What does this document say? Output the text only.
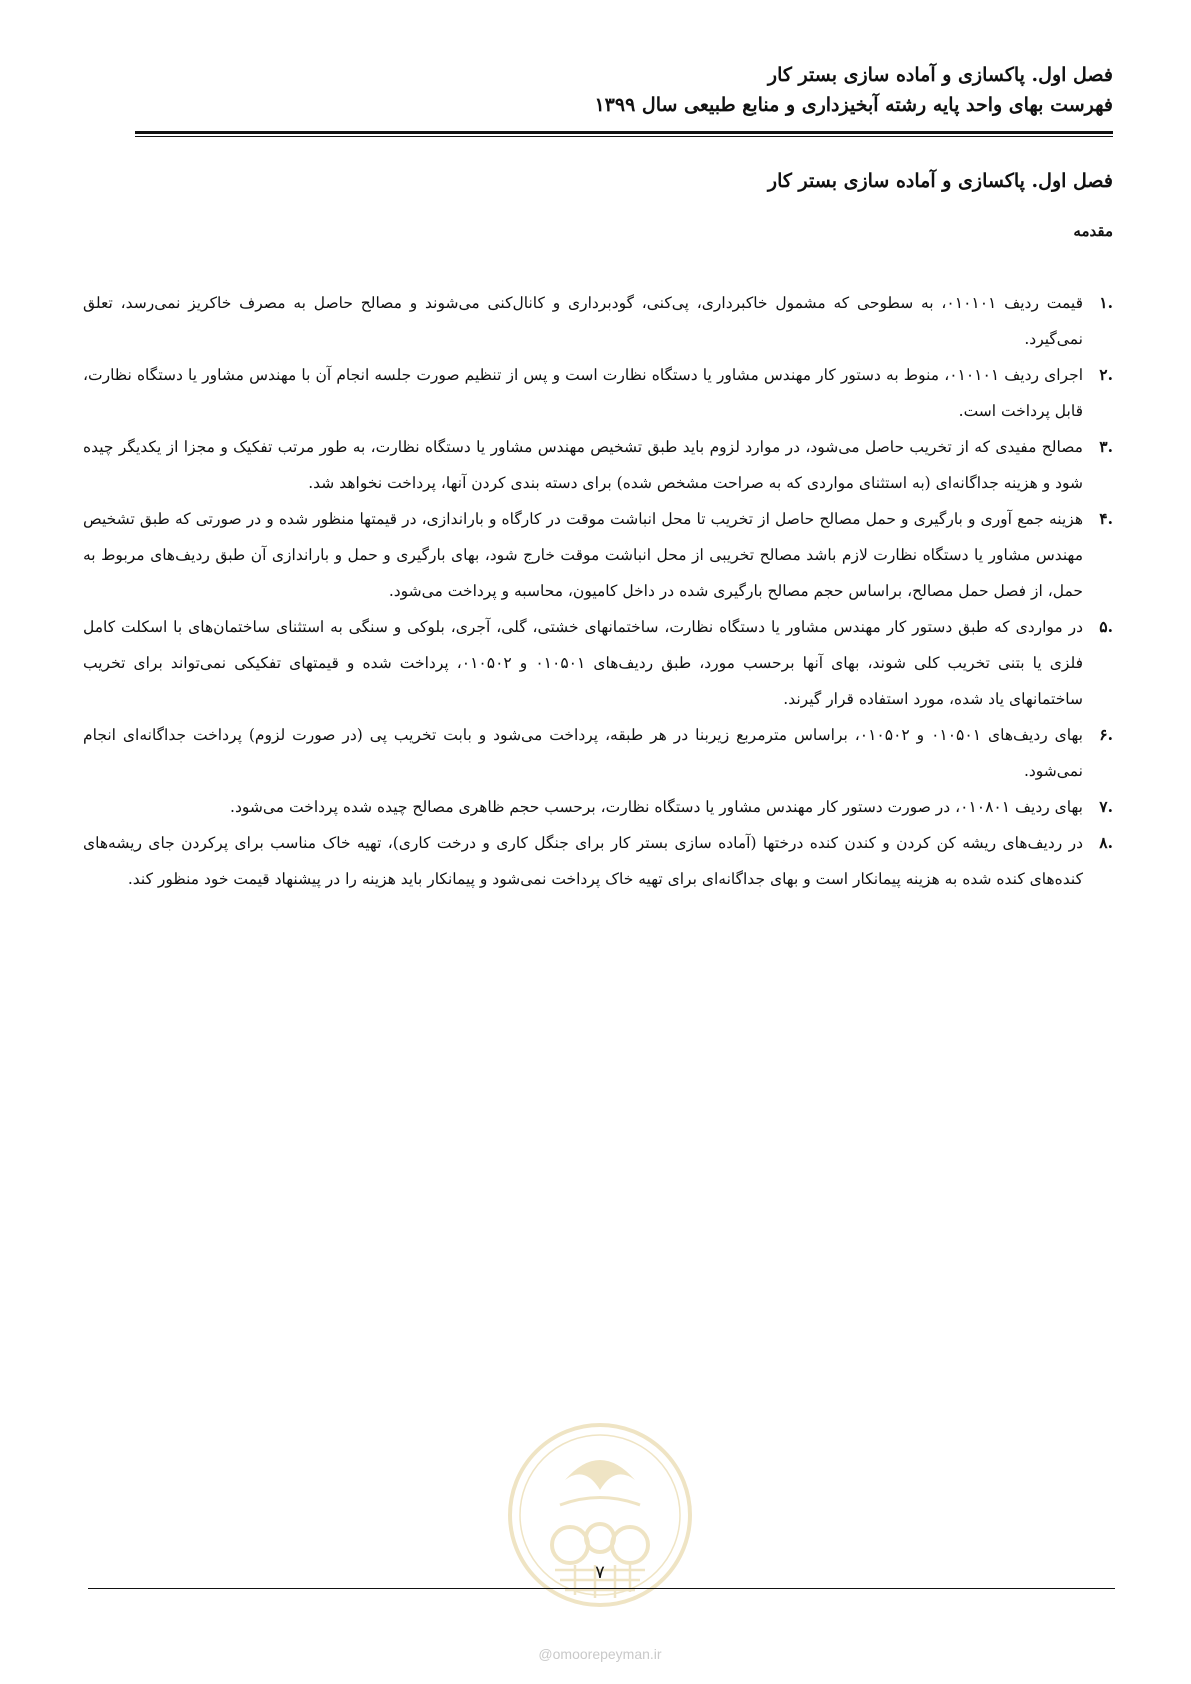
فصل اول. پاکسازی و آماده سازی بستر کار
فهرست بهای واحد پایه رشته آبخیزداری و منابع طبیعی سال ۱۳۹۹
فصل اول. پاکسازی و آماده سازی بستر کار
مقدمه
.۱
قیمت ردیف ۰۱۰۱۰۱، به سطوحی که مشمول خاکبرداری، پی‌کنی، گودبرداری و کانال‌کنی می‌شوند و مصالح حاصل به مصرف خاکریز نمی‌رسد، تعلق نمی‌گیرد.
.۲
اجرای ردیف ۰۱۰۱۰۱، منوط به دستور کار مهندس مشاور یا دستگاه نظارت است و پس از تنظیم صورت جلسه انجام آن با مهندس مشاور یا دستگاه نظارت، قابل پرداخت است.
.۳
مصالح مفیدی که از تخریب حاصل می‌شود، در موارد لزوم باید طبق تشخیص مهندس مشاور یا دستگاه نظارت، به طور مرتب تفکیک و مجزا از یکدیگر چیده شود و هزینه جداگانه‌ای (به استثنای مواردی که به صراحت مشخص شده) برای دسته بندی کردن آنها، پرداخت نخواهد شد.
.۴
هزینه جمع آوری و بارگیری و حمل مصالح حاصل از تخریب تا محل انباشت موقت در کارگاه و باراندازی، در قیمتها منظور شده و در صورتی که طبق تشخیص مهندس مشاور یا دستگاه نظارت لازم باشد مصالح تخریبی از محل انباشت موقت خارج شود، بهای بارگیری و حمل و باراندازی آن طبق ردیف‌های مربوط به حمل، از فصل حمل مصالح، براساس حجم مصالح بارگیری شده در داخل کامیون، محاسبه و پرداخت می‌شود.
.۵
در مواردی که طبق دستور کار مهندس مشاور یا دستگاه نظارت، ساختمانهای خشتی، گلی، آجری، بلوکی و سنگی به استثنای ساختمان‌های با اسکلت کامل فلزی یا بتنی تخریب کلی شوند، بهای آنها برحسب مورد، طبق ردیف‌های ۰۱۰۵۰۱ و ۰۱۰۵۰۲، پرداخت شده و قیمتهای تفکیکی نمی‌تواند برای تخریب ساختمانهای یاد شده، مورد استفاده قرار گیرند.
.۶
بهای ردیف‌های ۰۱۰۵۰۱ و ۰۱۰۵۰۲، براساس مترمربع زیربنا در هر طبقه، پرداخت می‌شود و بابت تخریب پی (در صورت لزوم) پرداخت جداگانه‌ای انجام نمی‌شود.
.۷
بهای ردیف ۰۱۰۸۰۱، در صورت دستور کار مهندس مشاور یا دستگاه نظارت، برحسب حجم ظاهری مصالح چیده شده پرداخت می‌شود.
.۸
در ردیف‌های ریشه کن کردن و کندن کنده درختها (آماده سازی بستر کار برای جنگل کاری و درخت کاری)، تهیه خاک مناسب برای پرکردن جای ریشه‌های کنده‌های کنده شده به هزینه پیمانکار است و بهای جداگانه‌ای برای تهیه خاک پرداخت نمی‌شود و پیمانکار باید هزینه را در پیشنهاد قیمت خود منظور کند.
۷
@omoorepeyman.ir
